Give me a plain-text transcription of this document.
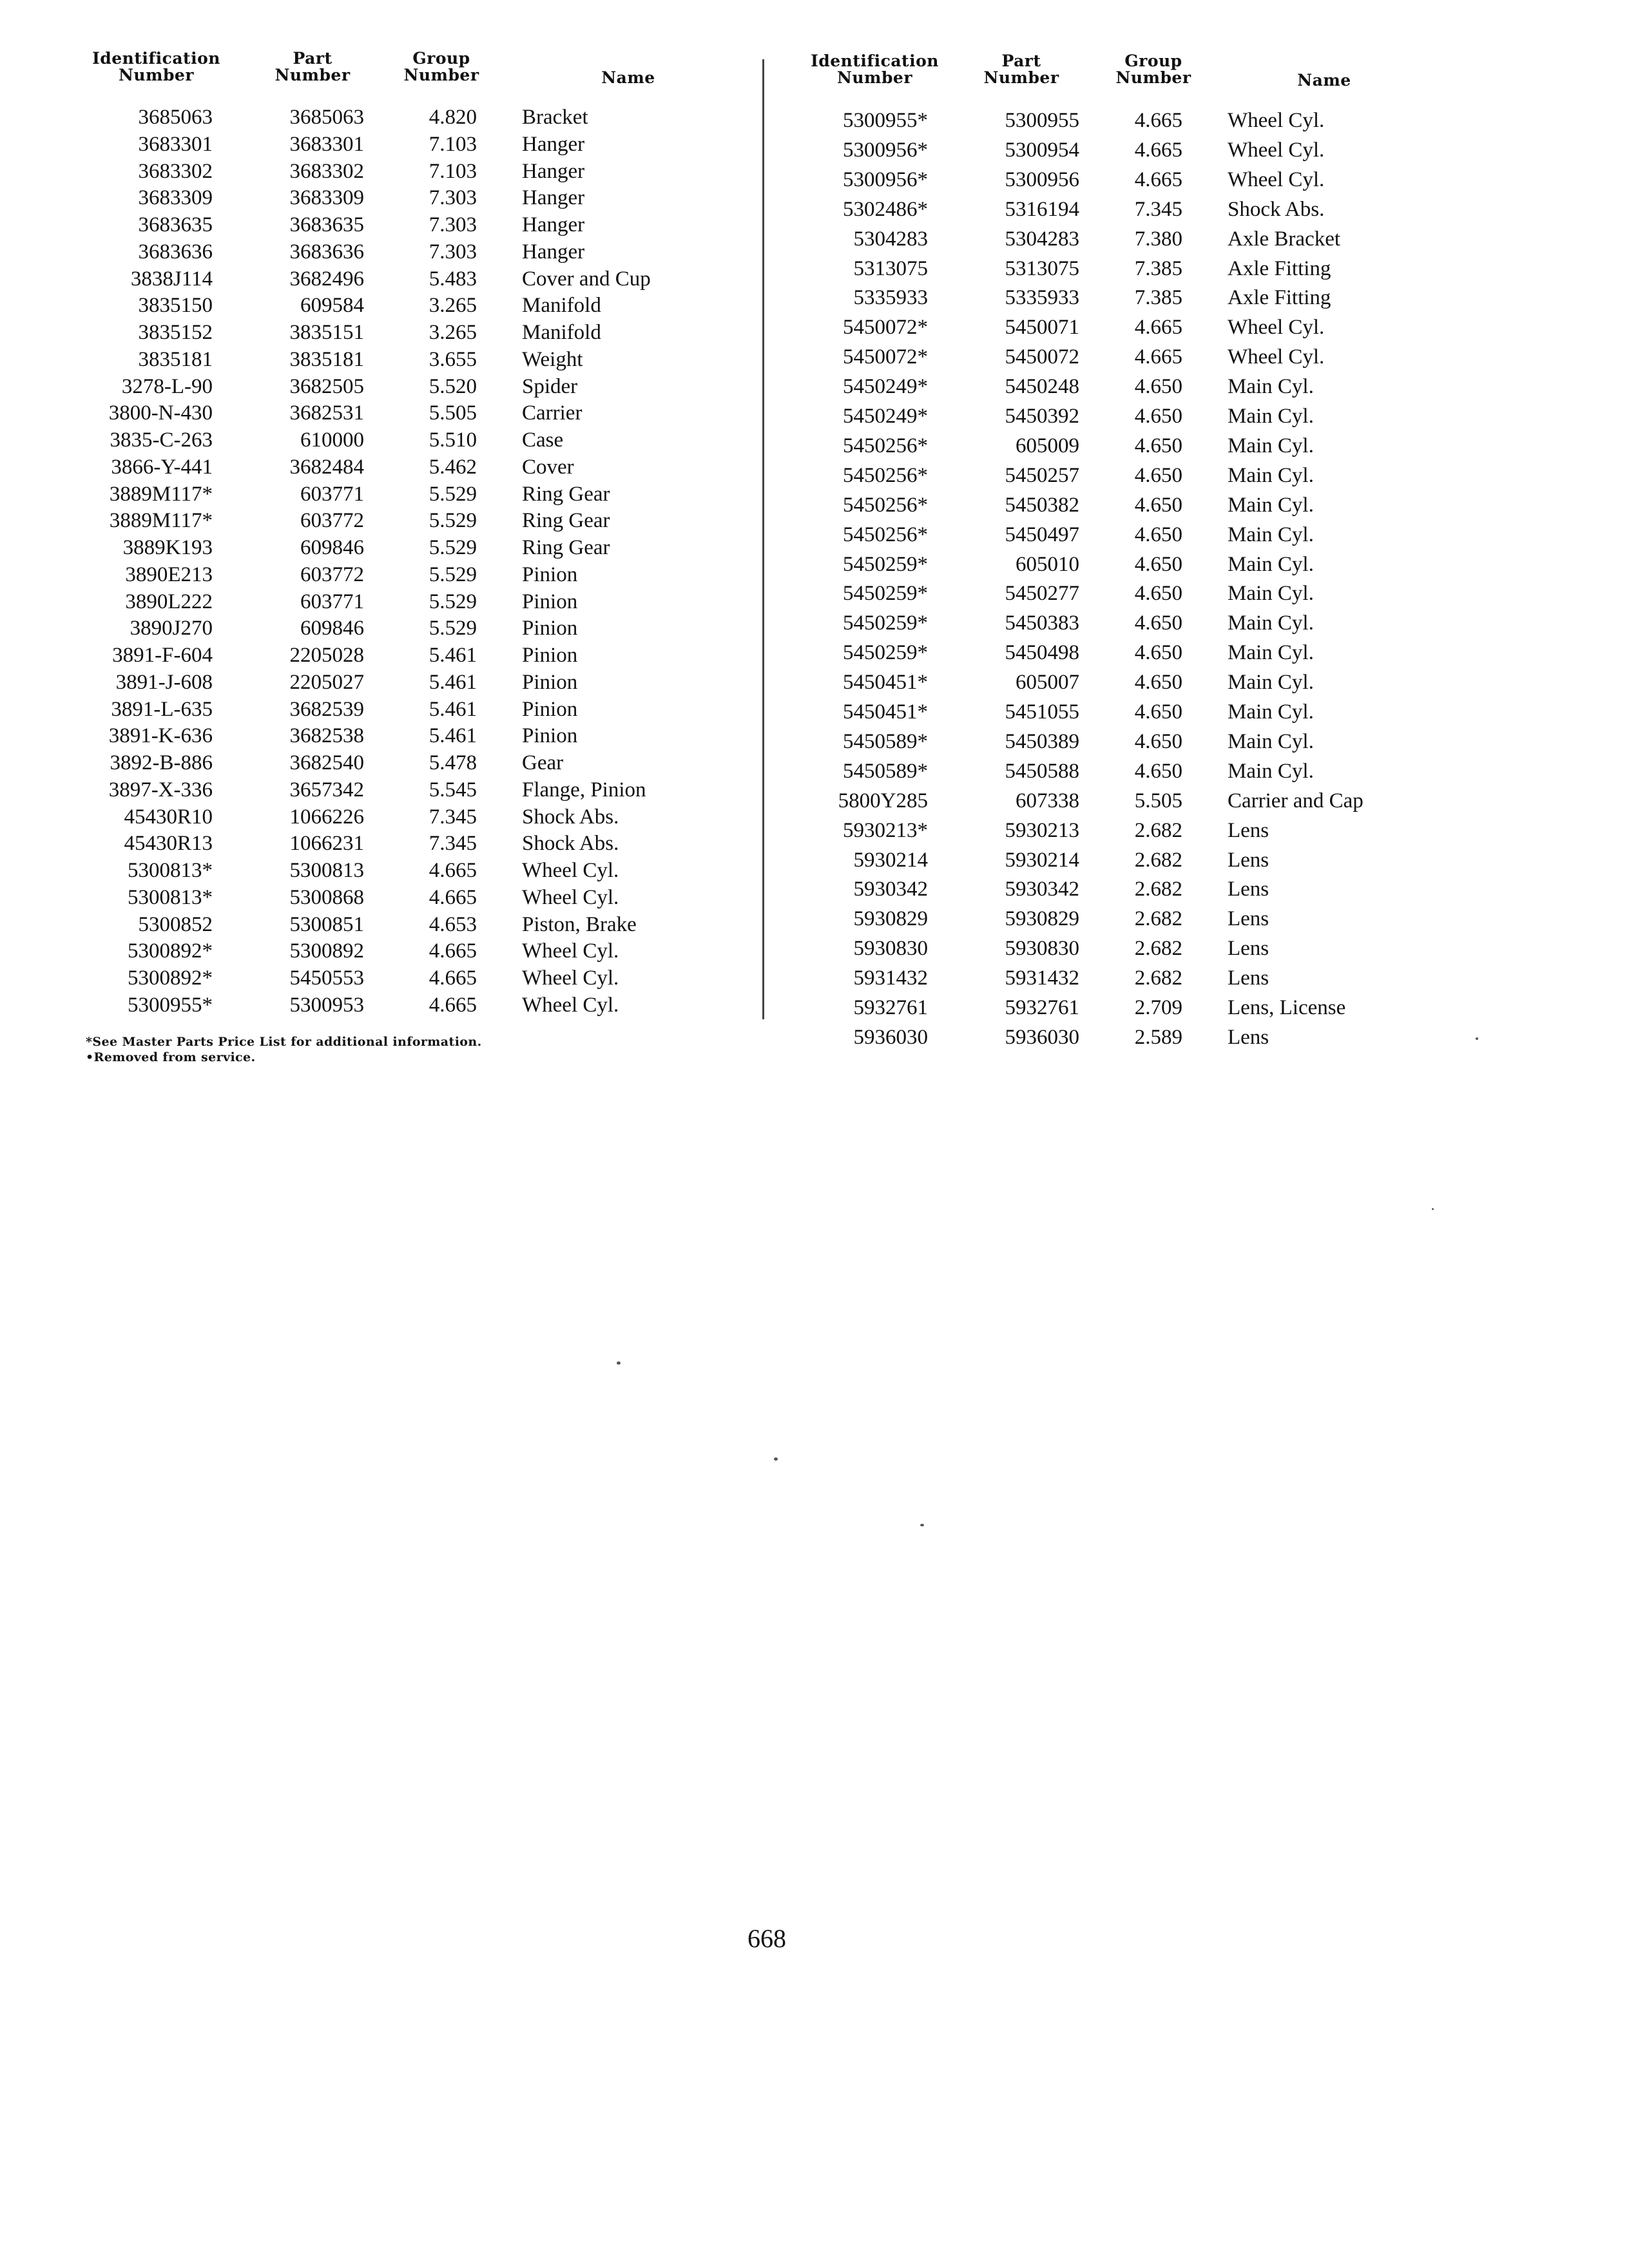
Identification
Number
Part
Number
Group
Number	Name
3685063	3685063	4.820 Bracket
3683301	3683301	7.103 Hanger
3683302	3683302	7.103 Hanger
3683309	3683309	7.303 Hanger
3683635	3683635	7.303 Hanger
3683636	3683636	7.303 Hanger
3838J114	3682496	5.483 Cover and Cup
3835150	609584	3.265 Manifold
3835152	3835151	3.265 Manifold
3835181	3835181	3.655 Weight
3278-L-90	3682505	5.520 Spider
3800-N-430	3682531	5.505 Carrier
3835-C-263	610000	5.510 Case
3866-Y-441	3682484	5.462 Cover
3889M117*	603771	5.529 Ring Gear
3889M117*	603772	5.529 Ring Gear
3889K193	609846	5.529 Ring Gear
3890E213	603772	5.529 Pinion
3890L222	603771	5.529 Pinion
3890J270	609846	5.529 Pinion
3891-F-604	2205028	5.461 Pinion
3891-J-608	2205027	5.461 Pinion
3891-L-635	3682539	5.461 Pinion
3891-K-636	3682538	5.461 Pinion
3892-B-886	3682540	5.478 Gear
3897-X-336	3657342	5.545 Flange, Pinion
45430R10	1066226	7.345 Shock Abs.
45430R13	1066231	7.345 Shock Abs.
5300813*	5300813	4.665 Wheel Cyl.
5300813*	5300868	4.665 Wheel Cyl.
5300852	5300851	4.653 Piston, Brake
5300892*	5300892	4.665 Wheel Cyl.
5300892*	5450553	4.665 Wheel Cyl.
5300955*	5300953	4.665 Wheel Cyl.
Identification
Number
Part
Number
Group
Number	Name
5300955*	5300955	4.665 Wheel Cyl.
5300956*	5300954	4.665 Wheel Cyl.
5300956*	5300956	4.665 Wheel Cyl.
5302486*	5316194	7.345 Shock Abs.
5304283	5304283	7.380 Axle Bracket
5313075	5313075	7.385 Axle Fitting
5335933	5335933	7.385 Axle Fitting
5450072*	5450071	4.665 Wheel Cyl.
5450072*	5450072	4.665 Wheel Cyl.
5450249*	5450248	4.650 Main Cyl.
5450249*	5450392	4.650 Main Cyl.
5450256*	605009	4.650 Main Cyl.
5450256*	5450257	4.650 Main Cyl.
5450256*	5450382	4.650 Main Cyl.
5450256*	5450497	4.650 Main Cyl.
5450259*	605010	4.650 Main Cyl.
5450259*	5450277	4.650 Main Cyl.
5450259*	5450383	4.650 Main Cyl.
5450259*	5450498	4.650 Main Cyl.
5450451*	605007	4.650 Main Cyl.
5450451*	5451055	4.650 Main Cyl.
5450589*	5450389	4.650 Main Cyl.
5450589*	5450588	4.650 Main Cyl.
5800Y285	607338	5.505 Carrier and Cap
5930213*	5930213	2.682 Lens
5930214	5930214	2.682 Lens
5930342	5930342	2.682 Lens
5930829	5930829	2.682 Lens
5930830	5930830	2.682 Lens
5931432	5931432	2.682 Lens
5932761	5932761	2.709 Lens, License
5936030	5936030	2.589 Lens
*See Master Parts Price List for additional information.
•Removed from service.
668
